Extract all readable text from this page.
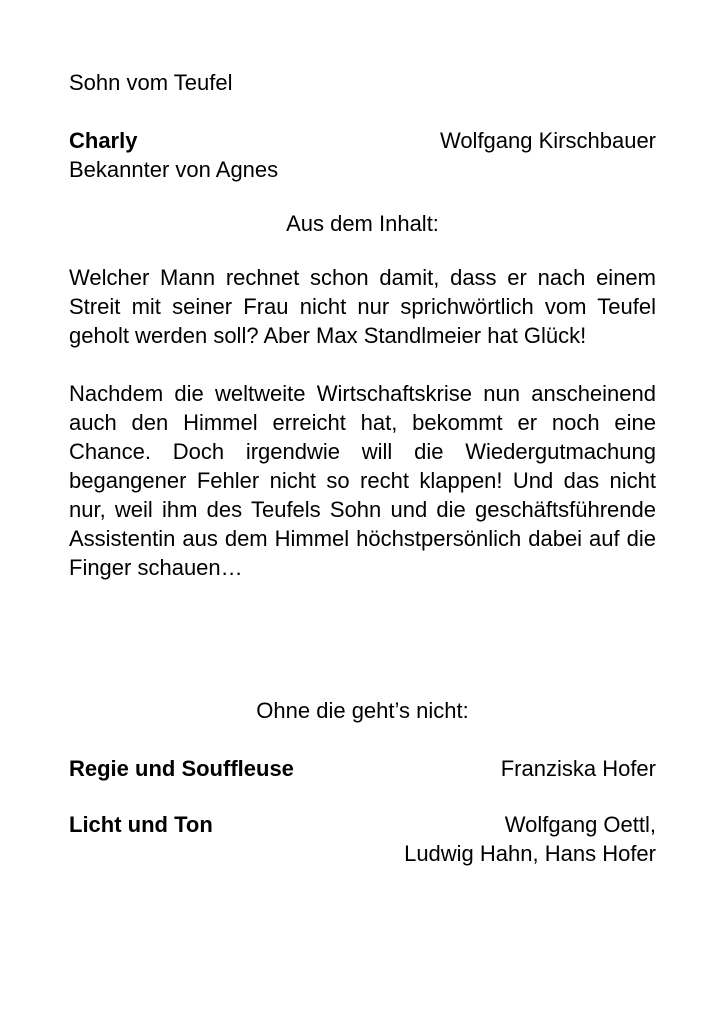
Sohn vom Teufel

Charly	Wolfgang Kirschbauer

Bekannter von Agnes

Aus dem Inhalt:

Welcher Mann rechnet schon damit, dass er nach einem Streit mit seiner Frau nicht nur sprichwörtlich vom Teufel geholt werden soll? Aber Max Standlmeier hat Glück!

Nachdem die weltweite Wirtschaftskrise nun anscheinend auch den Himmel erreicht hat, bekommt er noch eine Chance. Doch irgendwie will die Wiedergutmachung begangener Fehler nicht so recht klappen! Und das nicht nur, weil ihm des Teufels Sohn und die geschäftsführende Assistentin aus dem Himmel höchstpersönlich dabei auf die Finger schauen…

Ohne die geht’s nicht:

Regie und Souffleuse	Franziska Hofer
Licht und Ton	Wolfgang Oettl,
Ludwig Hahn, Hans Hofer
